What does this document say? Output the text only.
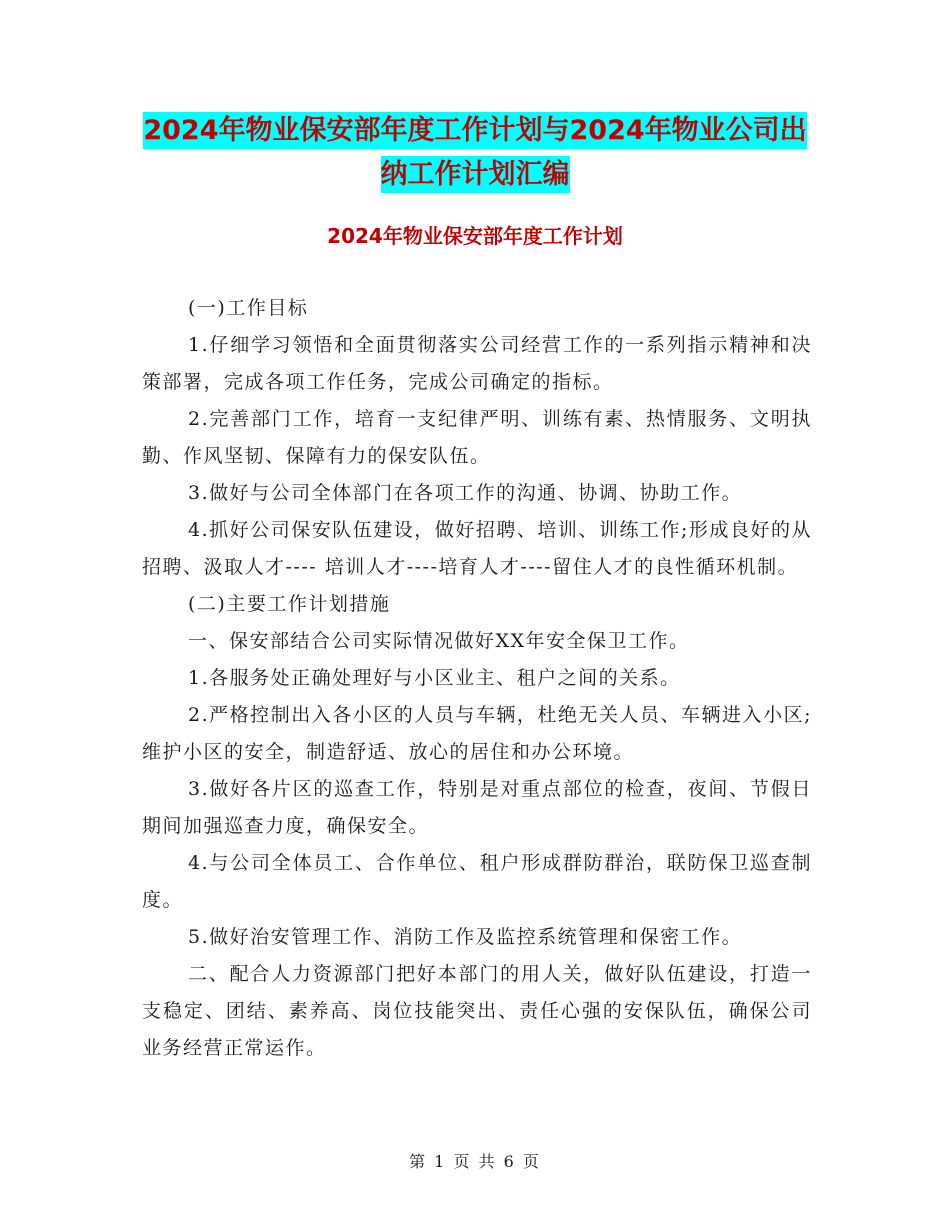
2024年物业保安部年度工作计划与2024年物业公司出
纳工作计划汇编
2024年物业保安部年度工作计划

(一)工作目标

1.仔细学习领悟和全面贯彻落实公司经营工作的一系列指示精神和决策部署，完成各项工作任务，完成公司确定的指标。

2.完善部门工作，培育一支纪律严明、训练有素、热情服务、文明执勤、作风坚韧、保障有力的保安队伍。

3.做好与公司全体部门在各项工作的沟通、协调、协助工作。

4.抓好公司保安队伍建设，做好招聘、培训、训练工作;形成良好的从招聘、汲取人才---- 培训人才----培育人才----留住人才的良性循环机制。

(二)主要工作计划措施

一、保安部结合公司实际情况做好XX年安全保卫工作。

1.各服务处正确处理好与小区业主、租户之间的关系。

2.严格控制出入各小区的人员与车辆，杜绝无关人员、车辆进入小区;维护小区的安全，制造舒适、放心的居住和办公环境。

3.做好各片区的巡查工作，特别是对重点部位的检查，夜间、节假日期间加强巡查力度，确保安全。

4.与公司全体员工、合作单位、租户形成群防群治，联防保卫巡查制度。

5.做好治安管理工作、消防工作及监控系统管理和保密工作。

二、配合人力资源部门把好本部门的用人关，做好队伍建设，打造一支稳定、团结、素养高、岗位技能突出、责任心强的安保队伍，确保公司业务经营正常运作。

第 1 页 共 6 页
